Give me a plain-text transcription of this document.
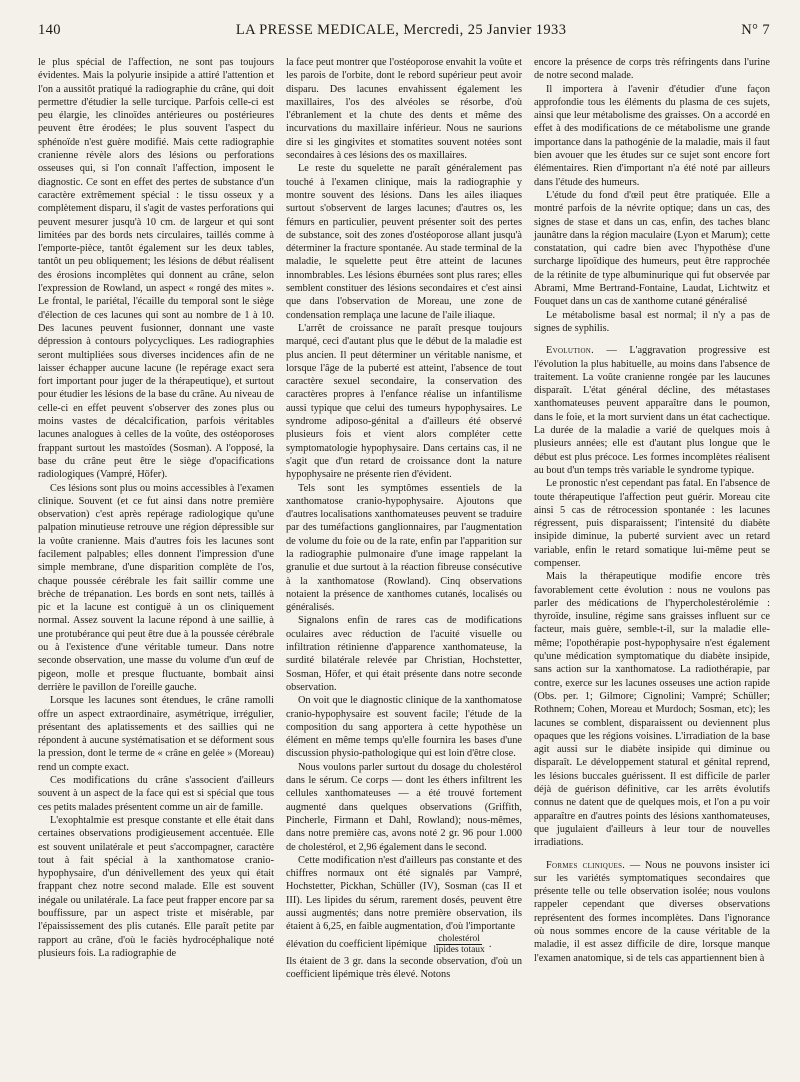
140	LA PRESSE MEDICALE, Mercredi, 25 Janvier 1933	N° 7

le plus spécial de l'affection, ne sont pas toujours évidentes. Mais la polyurie insipide a attiré l'attention et l'on a aussitôt pratiqué la radiographie du crâne, qui doit permettre d'étudier la selle turcique. Parfois celle-ci est peu élargie, les clinoïdes antérieures ou postérieures peuvent être érodées; le plus souvent l'aspect du sphénoïde n'est guère modifié. Mais cette radiographie cranienne révèle alors des lésions ou perforations osseuses qui, si l'on connaît l'affection, imposent le diagnostic. Ce sont en effet des pertes de substance d'un caractère extrêmement spécial : le tissu osseux y a complètement disparu, il s'agit de vastes perforations qui peuvent mesurer jusqu'à 10 cm. de largeur et qui sont limitées par des bords nets circulaires, taillés comme à l'emporte-pièce, tantôt également sur les deux tables, tantôt un peu obliquement; les lésions de début réalisent des érosions incomplètes qui donnent au crâne, selon l'expression de Rowland, un aspect « rongé des mites ». Le frontal, le pariétal, l'écaille du temporal sont le siège d'élection de ces lacunes qui sont au nombre de 1 à 10. Des lacunes peuvent fusionner, donnant une vaste dépression à contours polycycliques. Les radiographies seront multipliées sous diverses incidences afin de ne laisser échapper aucune lacune (le repérage exact sera fort important pour juger de la thérapeutique), et surtout pour étudier les lésions de la base du crâne. Au niveau de celle-ci en effet peuvent s'observer des zones plus ou moins vastes de décalcification, parfois véritables lacunes analogues à celles de la voûte, des ostéoporoses frappant surtout les mastoïdes (Sosman). A l'opposé, la base du crâne peut être le siège d'opacifications radiologiques (Vampré, Höfer).

Ces lésions sont plus ou moins accessibles à l'examen clinique. Souvent (et ce fut ainsi dans notre première observation) c'est après repérage radiologique qu'une palpation minutieuse retrouve une région dépressible sur la voûte cranienne. Mais d'autres fois les lacunes sont facilement palpables; elles donnent l'impression d'une simple membrane, d'une disparition complète de l'os, chaque poussée cérébrale les fait saillir comme une brèche de trépanation. Les bords en sont nets, taillés à pic et la lacune est contiguë à un os cliniquement normal. Assez souvent la lacune répond à une saillie, à une protubérance qui peut être due à la poussée cérébrale ou à l'existence d'une véritable tumeur. Dans notre seconde observation, une masse du volume d'un œuf de pigeon, molle et presque fluctuante, bombait ainsi derrière le pavillon de l'oreille gauche.

Lorsque les lacunes sont étendues, le crâne ramolli offre un aspect extraordinaire, asymétrique, irrégulier, présentant des aplatissements et des saillies qui ne répondent à aucune systématisation et se déforment sous la pression, dont le terme de « crâne en gelée » (Moreau) rend un compte exact.

Ces modifications du crâne s'associent d'ailleurs souvent à un aspect de la face qui est si spécial que tous ces petits malades présentent comme un air de famille.

L'exophtalmie est presque constante et elle était dans certaines observations prodigieusement accentuée. Elle est souvent unilatérale et peut s'accompagner, caractère tout à fait spécial à la xanthomatose cranio-hypophysaire, d'un dénivellement des yeux qui était frappant chez notre second malade. Elle est souvent inégale ou unilatérale. La face peut frapper encore par sa bouffissure, par un aspect triste et misérable, par l'épaississement des plis cutanés. Elle paraît petite par rapport au crâne, d'où le faciès hydrocéphalique noté plusieurs fois. La radiographie de

la face peut montrer que l'ostéoporose envahit la voûte et les parois de l'orbite, dont le rebord supérieur peut avoir disparu. Des lacunes envahissent également les maxillaires, l'os des alvéoles se résorbe, d'où l'ébranlement et la chute des dents et même des incurvations du maxillaire inférieur. Nous ne saurions dire si les gingivites et stomatites souvent notées sont secondaires à ces lésions des os maxillaires.

Le reste du squelette ne paraît généralement pas touché à l'examen clinique, mais la radiographie y montre souvent des lésions. Dans les ailes iliaques surtout s'observent de larges lacunes; d'autres os, les fémurs en particulier, peuvent présenter soit des pertes de substance, soit des zones d'ostéoporose allant jusqu'à déterminer la fracture spontanée. Au stade terminal de la maladie, le squelette peut être atteint de lacunes innombrables. Les lésions éburnées sont plus rares; elles semblent constituer des lésions secondaires et c'est ainsi que dans l'observation de Moreau, une zone de condensation remplaça une lacune de l'aile iliaque.

L'arrêt de croissance ne paraît presque toujours marqué, ceci d'autant plus que le début de la maladie est plus ancien. Il peut déterminer un véritable nanisme, et lorsque l'âge de la puberté est atteint, l'absence de tout caractère sexuel secondaire, la conservation des caractères propres à l'enfance réalise un infantilisme aussi typique que celui des tumeurs hypophysaires. Le syndrome adiposo-génital a d'ailleurs été observé plusieurs fois et vient alors compléter cette symptomatologie hypophysaire. Dans certains cas, il ne s'agit que d'un retard de croissance dont la nature hypophysaire ne présente rien d'évident.

Tels sont les symptômes essentiels de la xanthomatose cranio-hypophysaire. Ajoutons que d'autres localisations xanthomateuses peuvent se traduire par des tuméfactions ganglionnaires, par l'augmentation de volume du foie ou de la rate, enfin par l'apparition sur la radiographie pulmonaire d'une image rappelant la granulie et due surtout à la réaction fibreuse consécutive à la xanthomatose (Rowland). Cinq observations notaient la présence de xanthomes cutanés, localisés ou généralisés.

Signalons enfin de rares cas de modifications oculaires avec réduction de l'acuité visuelle ou infiltration rétinienne d'apparence xanthomateuse, la surdité bilatérale relevée par Christian, Hochstetter, Sosman, Höfer, et qui était présente dans notre seconde observation.

On voit que le diagnostic clinique de la xanthomatose cranio-hypophysaire est souvent facile; l'étude de la composition du sang apportera à cette hypothèse un élément en même temps qu'elle fournira les bases d'une discussion physio-pathologique qui est loin d'être close.

Nous voulons parler surtout du dosage du cholestérol dans le sérum. Ce corps — dont les éthers infiltrent les cellules xanthomateuses — a été trouvé fortement augmenté dans quelques observations (Griffith, Pincherle, Firmann et Dahl, Rowland); nous-mêmes, dans notre première cas, avons noté 2 gr. 96 pour 1.000 de cholestérol, et 2,96 également dans le second.

Cette modification n'est d'ailleurs pas constante et des chiffres normaux ont été signalés par Vampré, Hochstetter, Pickhan, Schüller (IV), Sosman (cas II et III). Les lipides du sérum, rarement dosés, peuvent être aussi augmentés; dans notre première observation, ils étaient à 6,25, en faible augmentation, d'où l'importante

élévation du coefficient lipémique $\frac{\text{cholestérol}}{\text{lipides totaux}}$ .

Ils étaient de 3 gr. dans la seconde observation, d'où un coefficient lipémique très élevé. Notons

encore la présence de corps très réfringents dans l'urine de notre second malade.

Il importera à l'avenir d'étudier d'une façon approfondie tous les éléments du plasma de ces sujets, ainsi que leur métabolisme des graisses. On a accordé en effet à des modifications de ce métabolisme une grande importance dans la pathogénie de la maladie, mais il faut bien avouer que les études sur ce sujet sont encore fort élémentaires. Rien d'important n'a été noté par ailleurs dans l'étude des humeurs.

L'étude du fond d'œil peut être pratiquée. Elle a montré parfois de la névrite optique; dans un cas, des signes de stase et dans un cas, enfin, des taches blanc jaunâtre dans la région maculaire (Lyon et Marum); cette constatation, qui cadre bien avec l'hypothèse d'une surcharge lipoïdique des humeurs, peut être rapprochée de la rétinite de type albuminurique qui fut observée par Abrami, Mme Bertrand-Fontaine, Laudat, Lichtwitz et Fouquet dans un cas de xanthome cutané généralisé

Le métabolisme basal est normal; il n'y a pas de signes de syphilis.

Evolution. — L'aggravation progressive est l'évolution la plus habituelle, au moins dans l'absence de traitement. La voûte cranienne rongée par les laucunes disparaît. L'état général décline, des métastases xanthomateuses peuvent apparaître dans le poumon, dans le foie, et la mort survient dans un état cachectique. La durée de la maladie a varié de quelques mois à plusieurs années; elle est d'autant plus longue que le début est plus précoce. Les formes incomplètes réalisent au bout d'un temps très variable le syndrome typique.

Le pronostic n'est cependant pas fatal. En l'absence de toute thérapeutique l'affection peut guérir. Moreau cite ainsi 5 cas de rétrocession spontanée : les lacunes régressent, puis disparaissent; l'intensité du diabète insipide diminue, la puberté survient avec un retard variable, enfin le retard somatique lui-même peut se compenser.

Mais la thérapeutique modifie encore très favorablement cette évolution : nous ne voulons pas parler des médications de l'hypercholestérolémie : thyroïde, insuline, régime sans graisses influent sur ce facteur, mais guère, semble-t-il, sur la maladie elle-même; l'opothérapie post-hypophysaire n'est également qu'une médication symptomatique du diabète insipide, sans action sur la xanthomatose. La radiothérapie, par contre, exerce sur les lacunes osseuses une action rapide (Obs. per. 1; Gilmore; Cignolini; Vampré; Schüller; Rothnem; Cohen, Moreau et Murdoch; Sosman, etc); les lacunes se comblent, disparaissent ou deviennent plus opaques que les régions voisines. L'irradiation de la base agit aussi sur le diabète insipide qui diminue ou disparaît. Le développement statural et génital reprend, les lésions buccales guérissent. Il est difficile de parler déjà de guérison définitive, car les arrêts évolutifs connus ne datent que de quelques mois, et l'on a pu voir apparaître en d'autres points des lésions xanthomateuses, que jugulaient d'ailleurs à leur tour de nouvelles irradiations.

Formes cliniques. — Nous ne pouvons insister ici sur les variétés symptomatiques secondaires que présente telle ou telle observation isolée; nous voulons rappeler cependant que diverses observations représentent des formes incomplètes. Dans l'ignorance où nous sommes encore de la cause véritable de la maladie, il est assez difficile de dire, lorsque manque l'examen anatomique, si de tels cas appartiennent bien à
